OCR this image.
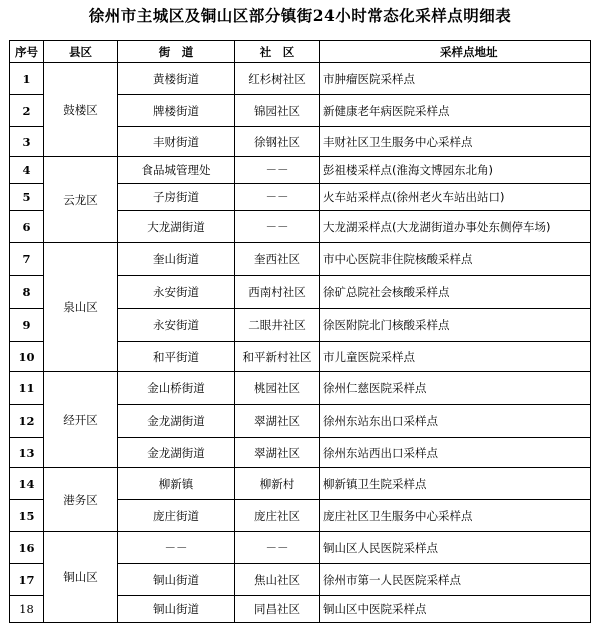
徐州市主城区及铜山区部分镇街24小时常态化采样点明细表
序号	县区	街　道	社　区	采样点地址
1	鼓楼区	黄楼街道	红杉树社区	市肿瘤医院采样点
2		牌楼街道	锦园社区	新健康老年病医院采样点
3		丰财街道	徐钢社区	丰财社区卫生服务中心采样点
4	云龙区	食品城管理处	－－	彭祖楼采样点(淮海文博园东北角)
5		子房街道	－－	火车站采样点(徐州老火车站出站口)
6		大龙湖街道	－－	大龙湖采样点(大龙湖街道办事处东侧停车场)
7	泉山区	奎山街道	奎西社区	市中心医院非住院核酸采样点
8		永安街道	西南村社区	徐矿总院社会核酸采样点
9		永安街道	二眼井社区	徐医附院北门核酸采样点
10		和平街道	和平新村社区	市儿童医院采样点
11	经开区	金山桥街道	桃园社区	徐州仁慈医院采样点
12		金龙湖街道	翠湖社区	徐州东站东出口采样点
13		金龙湖街道	翠湖社区	徐州东站西出口采样点
14	港务区	柳新镇	柳新村	柳新镇卫生院采样点
15		庞庄街道	庞庄社区	庞庄社区卫生服务中心采样点
16	铜山区	－－	－－	铜山区人民医院采样点
17		铜山街道	焦山社区	徐州市第一人民医院采样点
18		铜山街道	同昌社区	铜山区中医院采样点
